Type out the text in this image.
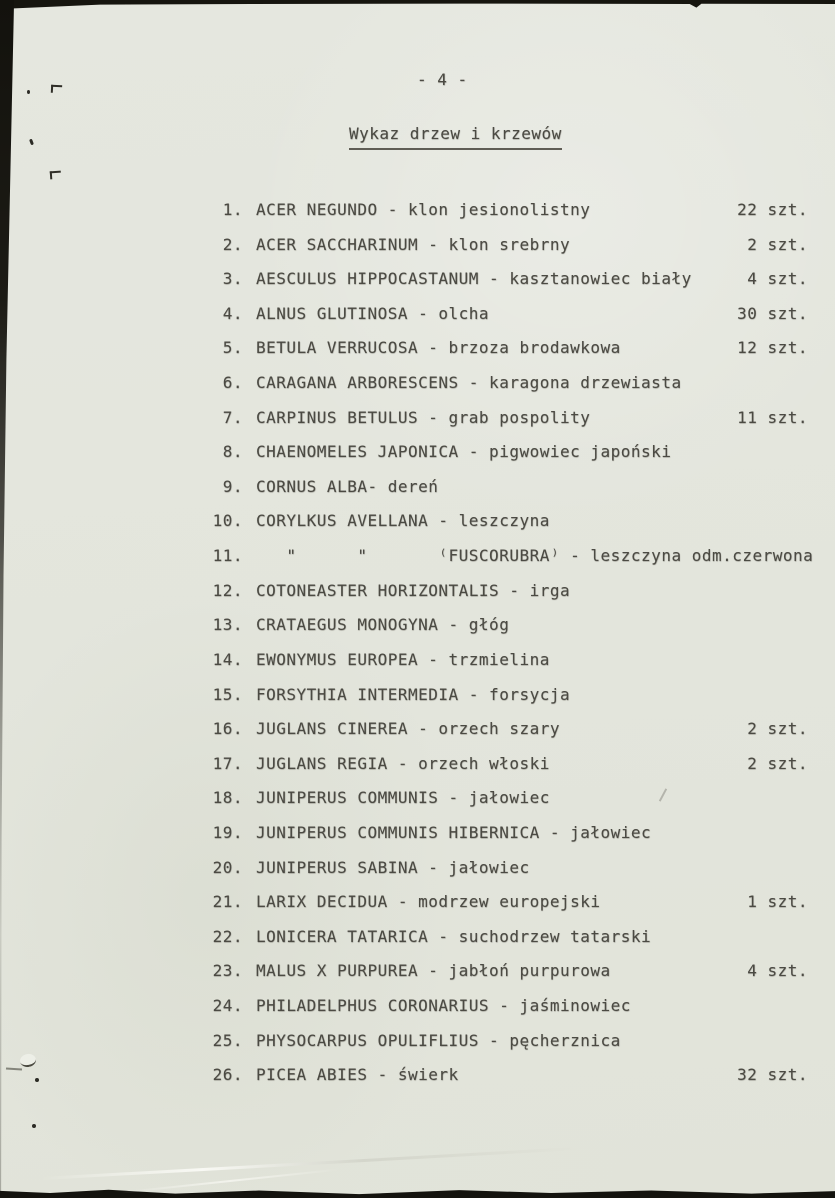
- 4 -
Wykaz drzew i krzewów
1. ACER NEGUNDO - klon jesionolistny	22 szt.
2. ACER SACCHARINUM - klon srebrny	2 szt.
3. AESCULUS HIPPOCASTANUM - kasztanowiec biały	4 szt.
4. ALNUS GLUTINOSA - olcha	30 szt.
5. BETULA VERRUCOSA - brzoza brodawkowa	12 szt.
6. CARAGANA ARBORESCENS - karagona drzewiasta
7. CARPINUS BETULUS - grab pospolity	11 szt.
8. CHAENOMELES JAPONICA - pigwowiec japoński
9. CORNUS ALBA- dereń
10. CORYLKUS AVELLANA - leszczyna
11. "      "       ⁽FUSCORUBRA⁾ - leszczyna odm.czerwona
12. COTONEASTER HORIZONTALIS - irga
13. CRATAEGUS MONOGYNA - głóg
14. EWONYMUS EUROPEA - trzmielina
15. FORSYTHIA INTERMEDIA - forsycja
16. JUGLANS CINEREA - orzech szary	2 szt.
17. JUGLANS REGIA - orzech włoski	2 szt.
18. JUNIPERUS COMMUNIS - jałowiec
19. JUNIPERUS COMMUNIS HIBERNICA - jałowiec
20. JUNIPERUS SABINA - jałowiec
21. LARIX DECIDUA - modrzew europejski	1 szt.
22. LONICERA TATARICA - suchodrzew tatarski
23. MALUS X PURPUREA - jabłoń purpurowa	4 szt.
24. PHILADELPHUS CORONARIUS - jaśminowiec
25. PHYSOCARPUS OPULIFLIUS - pęcherznica
26. PICEA ABIES - świerk	32 szt.
